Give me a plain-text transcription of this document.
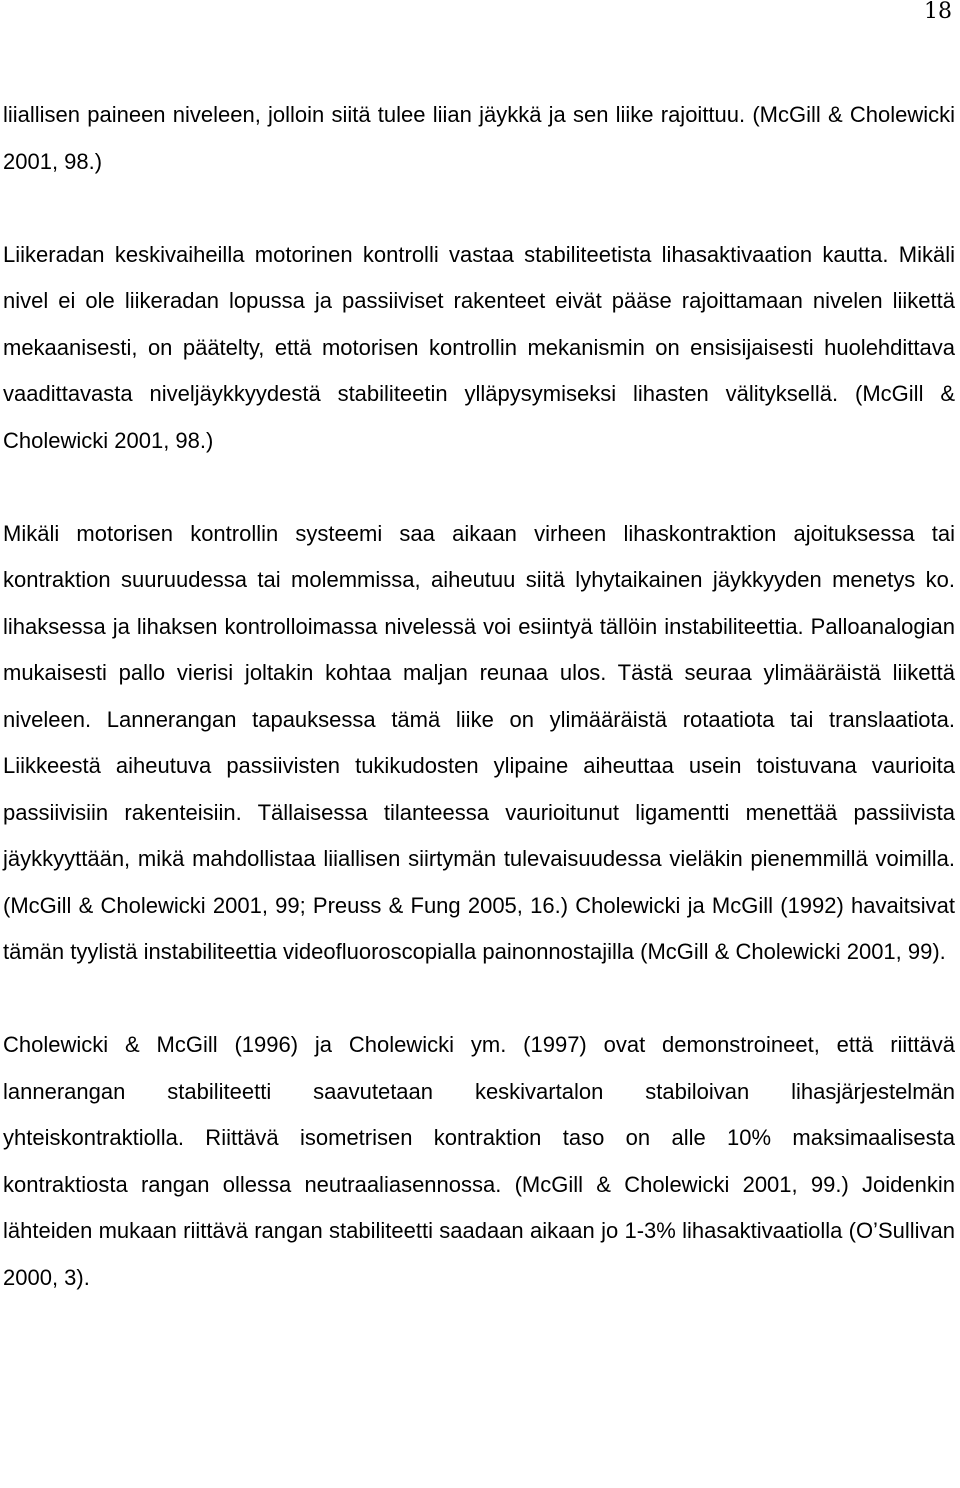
18

liiallisen paineen niveleen, jolloin siitä tulee liian jäykkä ja sen liike rajoittuu. (McGill & Cholewicki 2001, 98.)

Liikeradan keskivaiheilla motorinen kontrolli vastaa stabiliteetista lihasaktivaation kautta. Mikäli nivel ei ole liikeradan lopussa ja passiiviset rakenteet eivät pääse rajoittamaan nivelen liikettä mekaanisesti, on päätelty, että motorisen kontrollin mekanismin on ensisijaisesti huolehdittava vaadittavasta niveljäykkyydestä stabiliteetin ylläpysymiseksi lihasten välityksellä. (McGill & Cholewicki 2001, 98.)

Mikäli motorisen kontrollin systeemi saa aikaan virheen lihaskontraktion ajoituksessa tai kontraktion suuruudessa tai molemmissa, aiheutuu siitä lyhytaikainen jäykkyyden menetys ko. lihaksessa ja lihaksen kontrolloimassa nivelessä voi esiintyä tällöin instabiliteettia. Palloanalogian mukaisesti pallo vierisi joltakin kohtaa maljan reunaa ulos. Tästä seuraa ylimääräistä liikettä niveleen. Lannerangan tapauksessa tämä liike on ylimääräistä rotaatiota tai translaatiota. Liikkeestä aiheutuva passiivisten tukikudosten ylipaine aiheuttaa usein toistuvana vaurioita passiivisiin rakenteisiin. Tällaisessa tilanteessa vaurioitunut ligamentti menettää passiivista jäykkyyttään, mikä mahdollistaa liiallisen siirtymän tulevaisuudessa vieläkin pienemmillä voimilla. (McGill & Cholewicki 2001, 99; Preuss & Fung 2005, 16.) Cholewicki ja McGill (1992) havaitsivat tämän tyylistä instabiliteettia videofluoroscopialla painonnostajilla (McGill & Cholewicki 2001, 99).

Cholewicki & McGill (1996) ja Cholewicki ym. (1997) ovat demonstroineet, että riittävä lannerangan stabiliteetti saavutetaan keskivartalon stabiloivan lihasjärjestelmän yhteiskontraktiolla. Riittävä isometrisen kontraktion taso on alle 10% maksimaalisesta kontraktiosta rangan ollessa neutraaliasennossa. (McGill & Cholewicki 2001, 99.) Joidenkin lähteiden mukaan riittävä rangan stabiliteetti saadaan aikaan jo 1-3% lihasaktivaatiolla (O’Sullivan 2000, 3).
